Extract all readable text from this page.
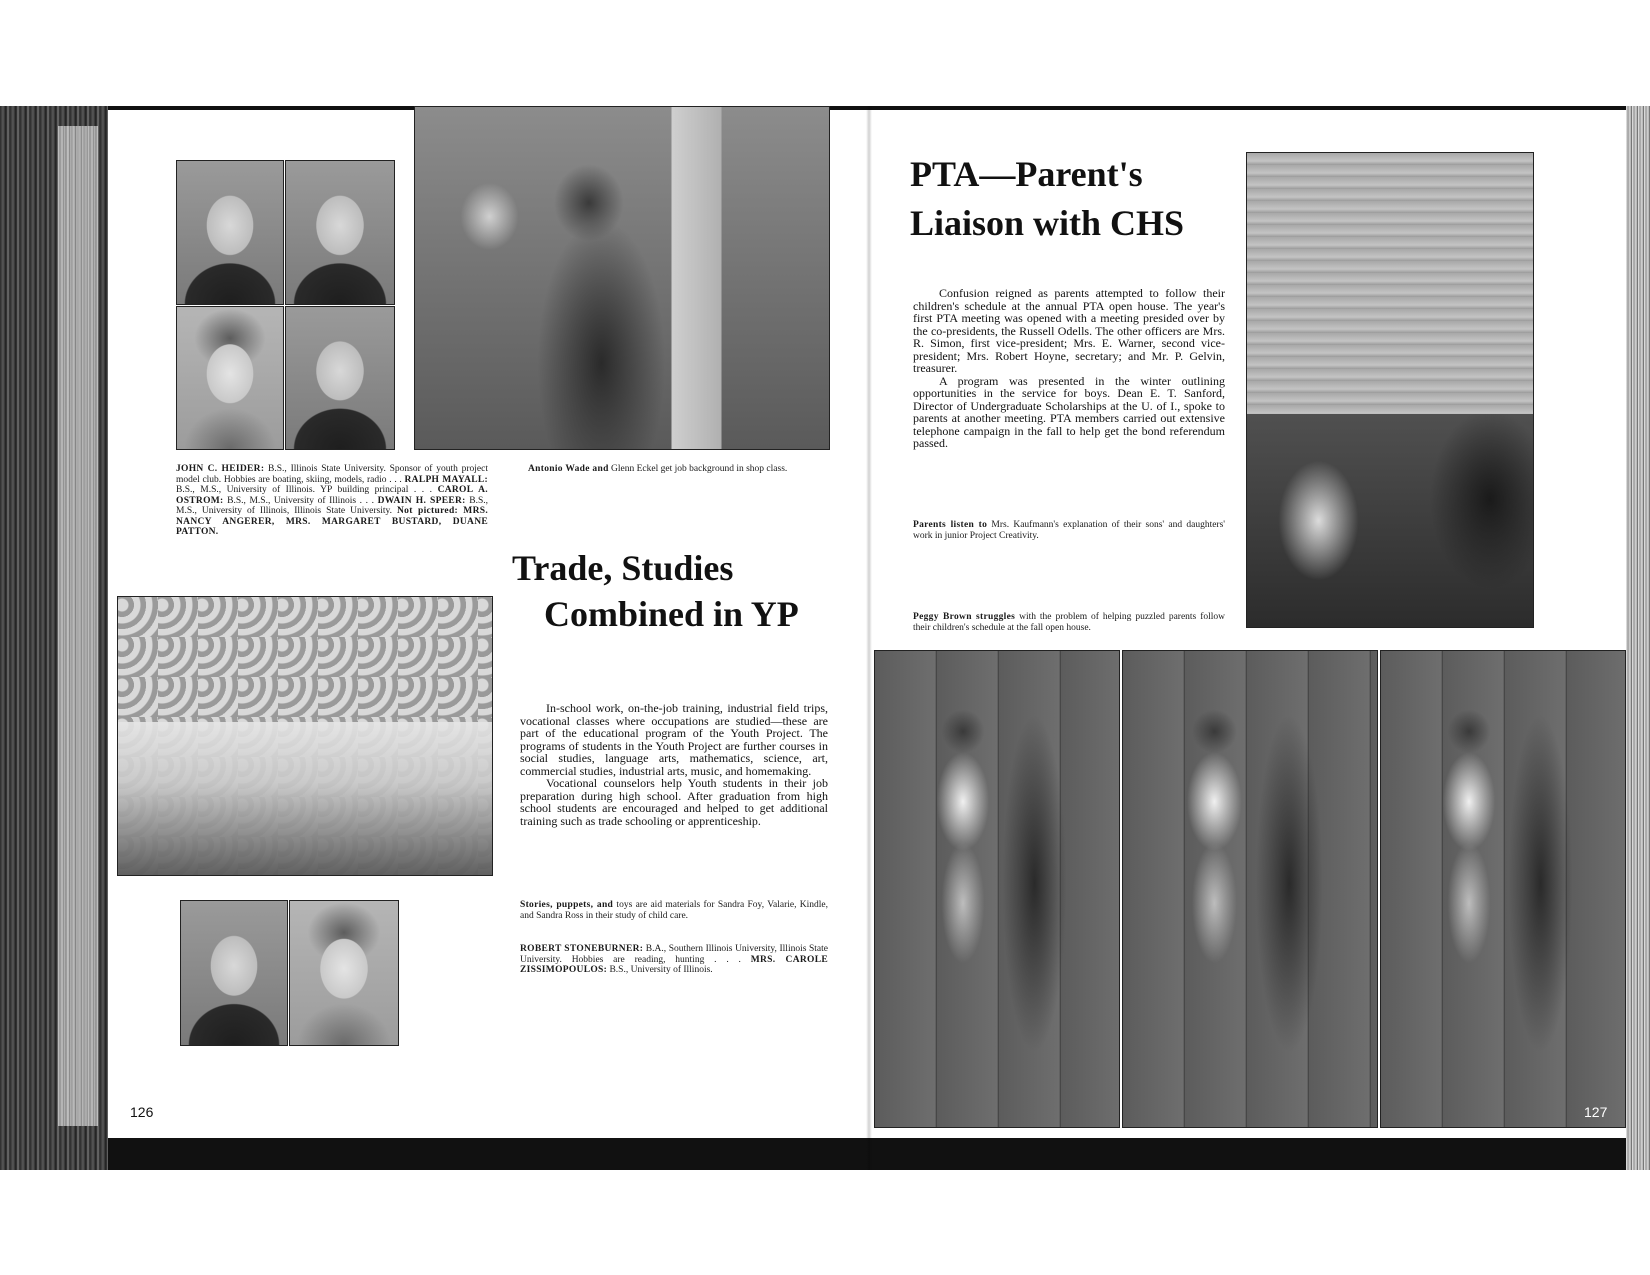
JOHN C. HEIDER: B.S., Illinois State University. Sponsor of youth project model club. Hobbies are boating, skiing, models, radio . . . RALPH MAYALL: B.S., M.S., University of Illinois. YP building principal . . . CAROL A. OSTROM: B.S., M.S., University of Illinois . . . DWAIN H. SPEER: B.S., M.S., University of Illinois, Illinois State University. Not pictured: MRS. NANCY ANGERER, MRS. MARGARET BUSTARD, DUANE PATTON.

Antonio Wade and Glenn Eckel get job background in shop class.

Trade, Studies
Combined in YP

In-school work, on-the-job training, industrial field trips, vocational classes where occupations are studied—these are part of the educational program of the Youth Project. The programs of students in the Youth Project are further courses in social studies, language arts, mathematics, science, art, commercial studies, industrial arts, music, and homemaking.

Vocational counselors help Youth students in their job preparation during high school. After graduation from high school students are encouraged and helped to get additional training such as trade schooling or apprenticeship.

Stories, puppets, and toys are aid materials for Sandra Foy, Valarie, Kindle, and Sandra Ross in their study of child care.

ROBERT STONEBURNER: B.A., Southern Illinois University, Illinois State University. Hobbies are reading, hunting . . . MRS. CAROLE ZISSIMOPOULOS: B.S., University of Illinois.

126
PTA—Parent's
Liaison with CHS

Confusion reigned as parents attempted to follow their children's schedule at the annual PTA open house. The year's first PTA meeting was opened with a meeting presided over by the co-presidents, the Russell Odells. The other officers are Mrs. R. Simon, first vice-president; Mrs. E. Warner, second vice-president; Mrs. Robert Hoyne, secretary; and Mr. P. Gelvin, treasurer.

A program was presented in the winter outlining opportunities in the service for boys. Dean E. T. Sanford, Director of Undergraduate Scholarships at the U. of I., spoke to parents at another meeting. PTA members carried out extensive telephone campaign in the fall to help get the bond referendum passed.

Parents listen to Mrs. Kaufmann's explanation of their sons' and daughters' work in junior Project Creativity.

Peggy Brown struggles with the problem of helping puzzled parents follow their children's schedule at the fall open house.

127
